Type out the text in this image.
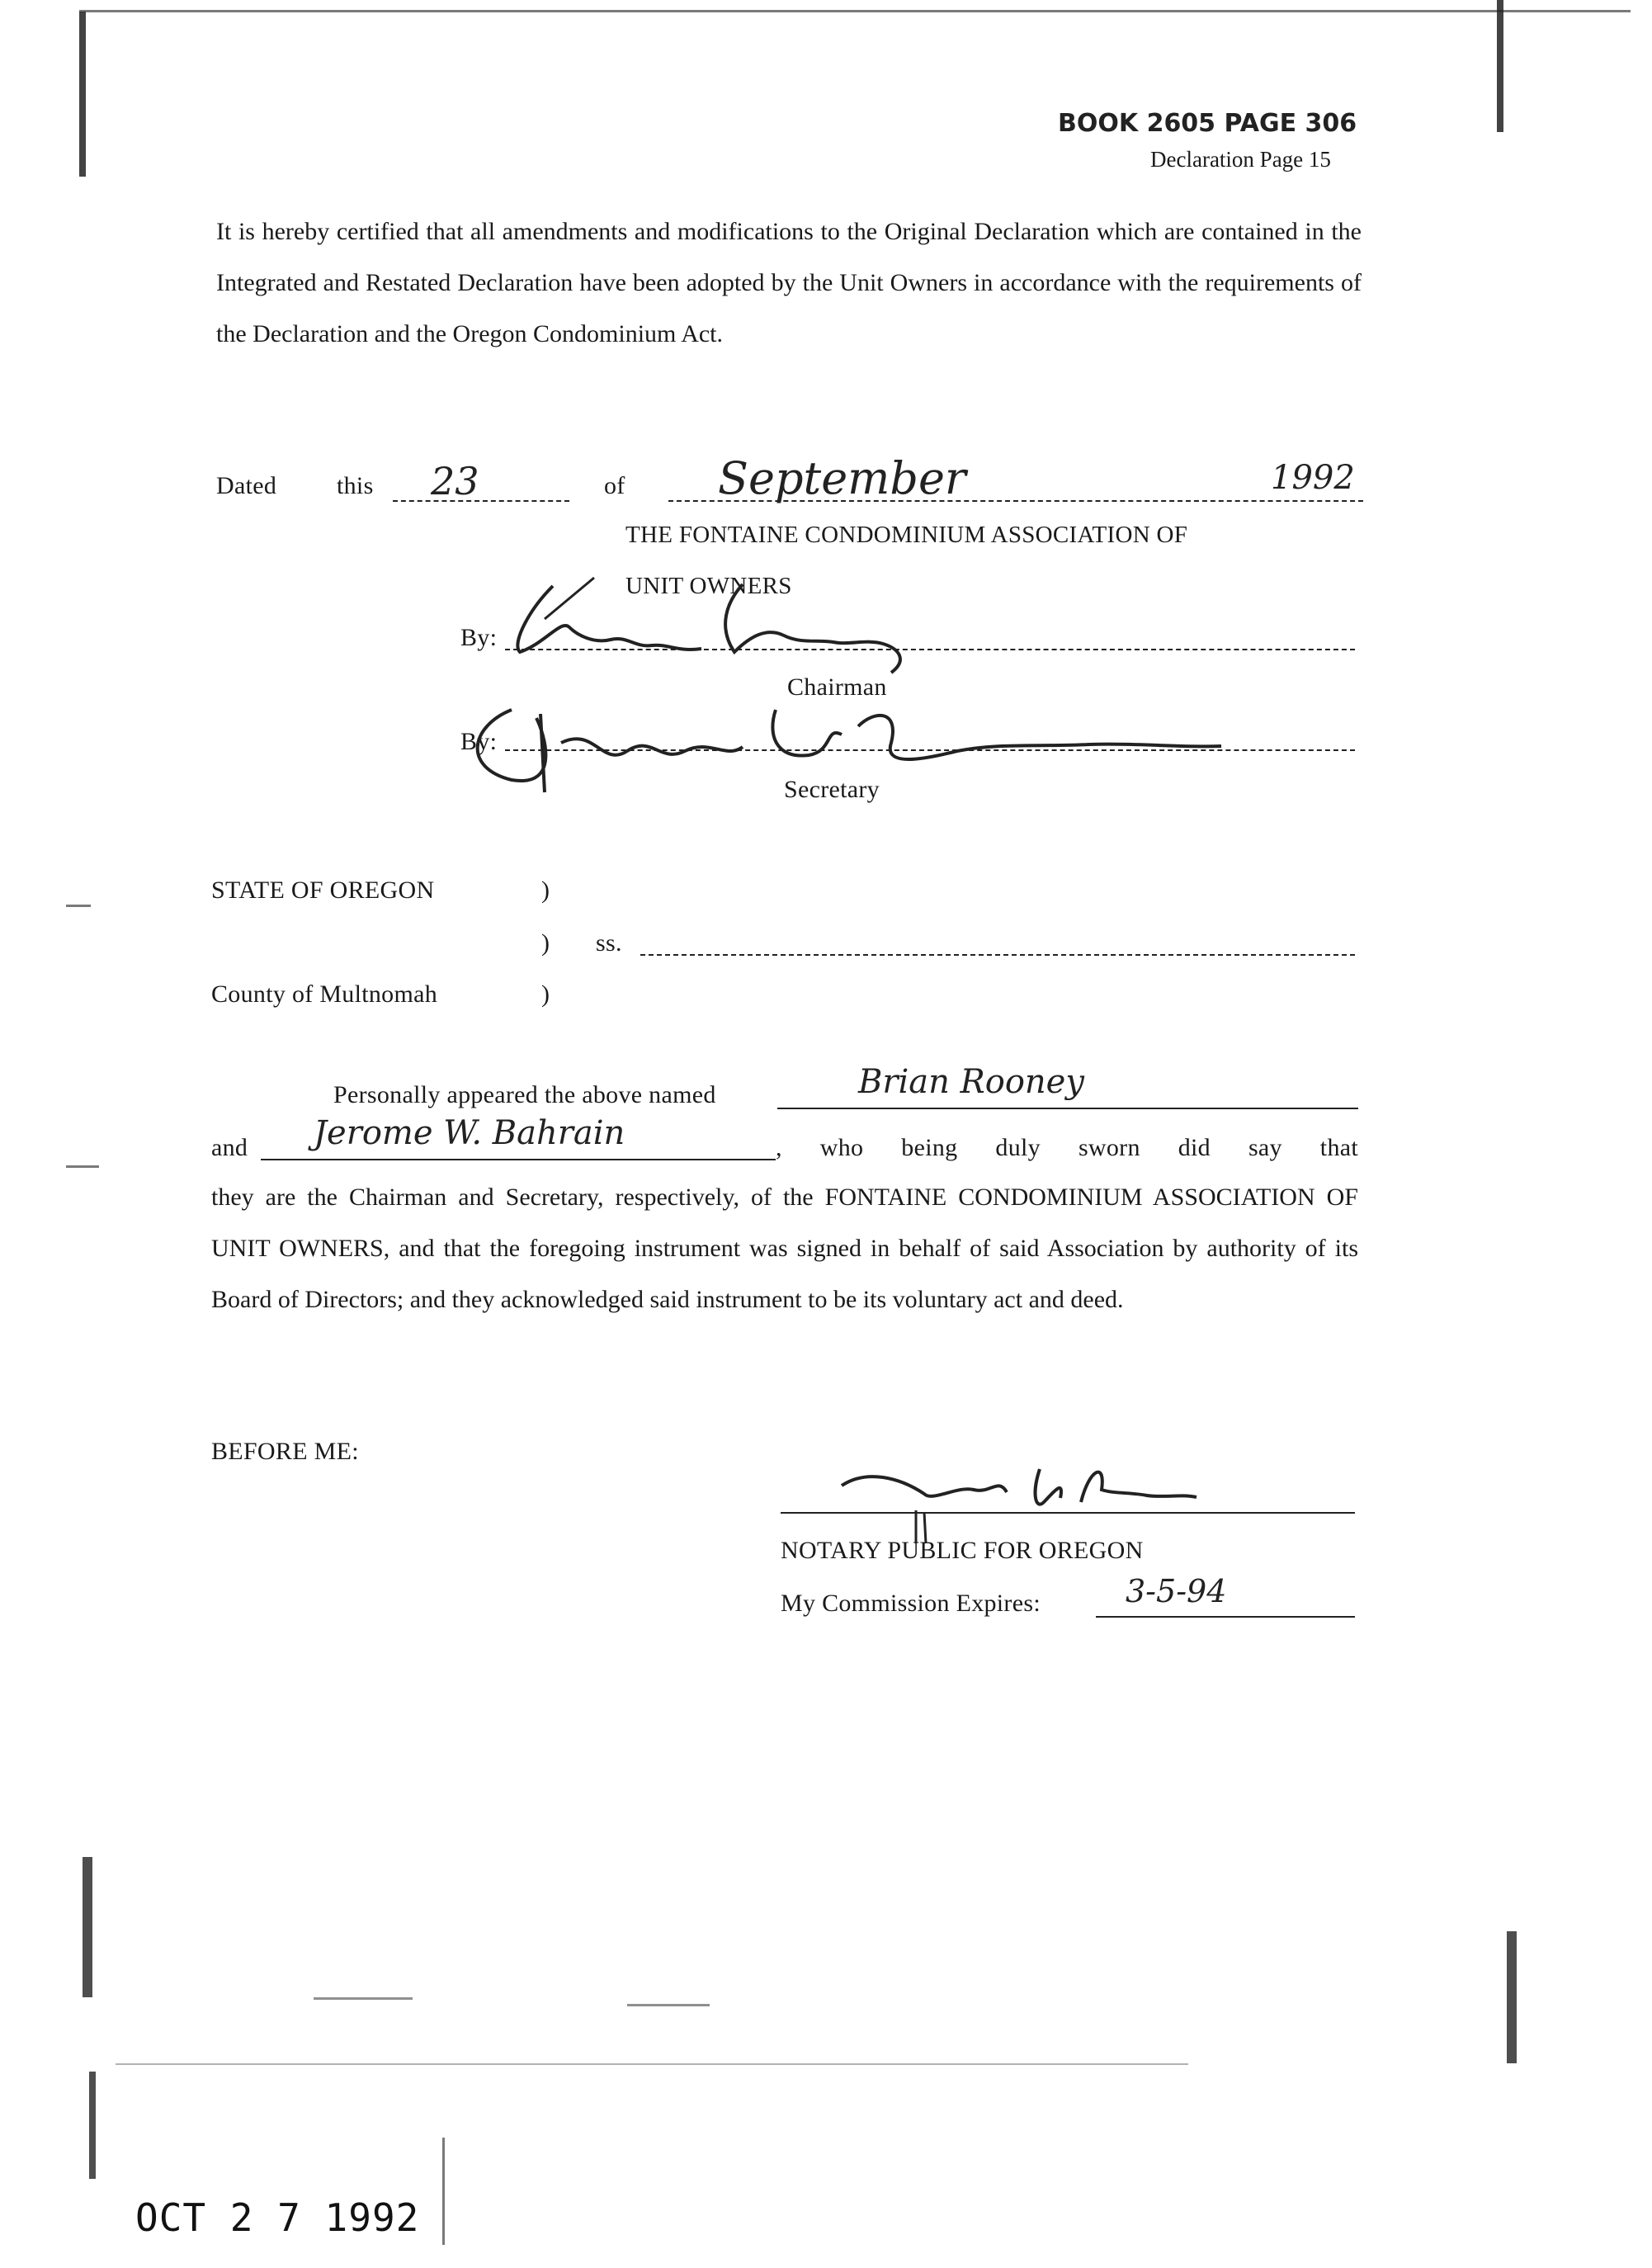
BOOK 2605 PAGE 306
Declaration Page 15
It is hereby certified that all amendments and modifications to the Original Declaration which are contained in the Integrated and Restated Declaration have been adopted by the Unit Owners in accordance with the requirements of the Declaration and the Oregon Condominium Act.
Dated this 23	of September	1992
THE FONTAINE CONDOMINIUM ASSOCIATION OF
UNIT OWNERS
By:
Chairman
By:
Secretary
STATE OF OREGON	)
) ss.
)
County of Multnomah
Personally appeared the above named	Brian Rooney
and Jerome W. Bahrain	, who being duly sworn did say that
they are the Chairman and Secretary, respectively, of the FONTAINE CONDOMINIUM ASSOCIATION OF UNIT OWNERS, and that the foregoing instrument was signed in behalf of said Association by authority of its Board of Directors; and they acknowledged said instrument to be its voluntary act and deed.
BEFORE ME:
NOTARY PUBLIC FOR OREGON
My Commission Expires:	3-5-94
OCT 2 7 1992
